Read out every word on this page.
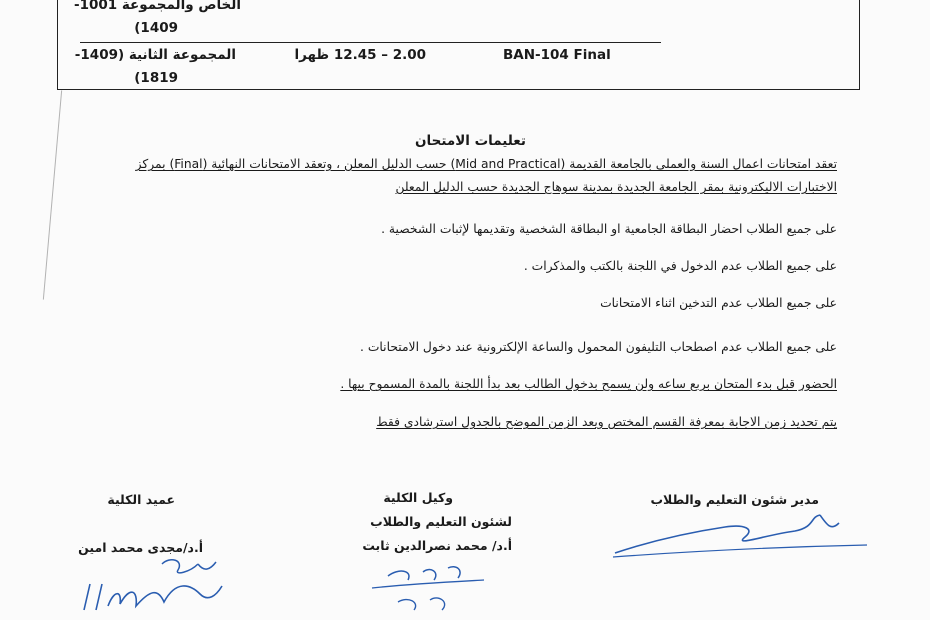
الخاص والمجموعة 1001-
(1409
المجموعة الثانية (1409-
(1819
2.00 – 12.45 ظهرا	BAN-104 Final
تعليمات الامتحان
تعقد امتحانات اعمال السنة والعملى بالجامعة القديمة (Mid and Practical) حسب الدليل المعلن ، وتعقد الامتحانات النهائية (Final) بمركز
الاختبارات الاليكترونية بمقر الجامعة الجديدة بمدينة سوهاج الجديدة حسب الدليل المعلن
على جميع الطلاب احضار البطاقة الجامعية او البطاقة الشخصية وتقديمها لإثبات الشخصية .
على جميع الطلاب عدم الدخول في اللجنة بالكتب والمذكرات .
على جميع الطلاب عدم التدخين اثناء الامتحانات
على جميع الطلاب عدم اصطحاب التليفون المحمول والساعة الإلكترونية عند دخول الامتحانات .
الحضور قبل بدء المتحان بربع ساعه ولن يسمح بدخول الطالب بعد بدأ اللجنة بالمدة المسموح بيها .
يتم تحديد زمن الاجابة بمعرفة القسم المختص ويعد الزمن الموضح بالجدول استرشادى فقط
مدير شئون التعليم والطلاب
وكيل الكلية
لشئون التعليم والطلاب
أ.د/ محمد نصرالدين ثابت
عميد الكلية
أ.د/مجدى محمد امين
